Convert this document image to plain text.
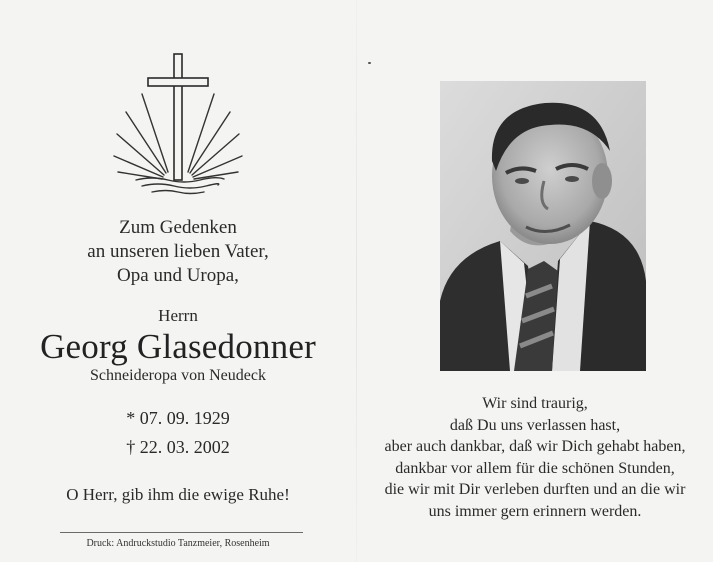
Zum Gedenken
an unseren lieben Vater,
Opa und Uropa,
Herrn
Georg Glasedonner
Schneideropa von Neudeck
* 07. 09. 1929
† 22. 03. 2002
O Herr, gib ihm die ewige Ruhe!
Druck: Andruckstudio Tanzmeier, Rosenheim
Wir sind traurig,
daß Du uns verlassen hast,
aber auch dankbar, daß wir Dich gehabt haben,
dankbar vor allem für die schönen Stunden,
die wir mit Dir verleben durften und an die wir
uns immer gern erinnern werden.
